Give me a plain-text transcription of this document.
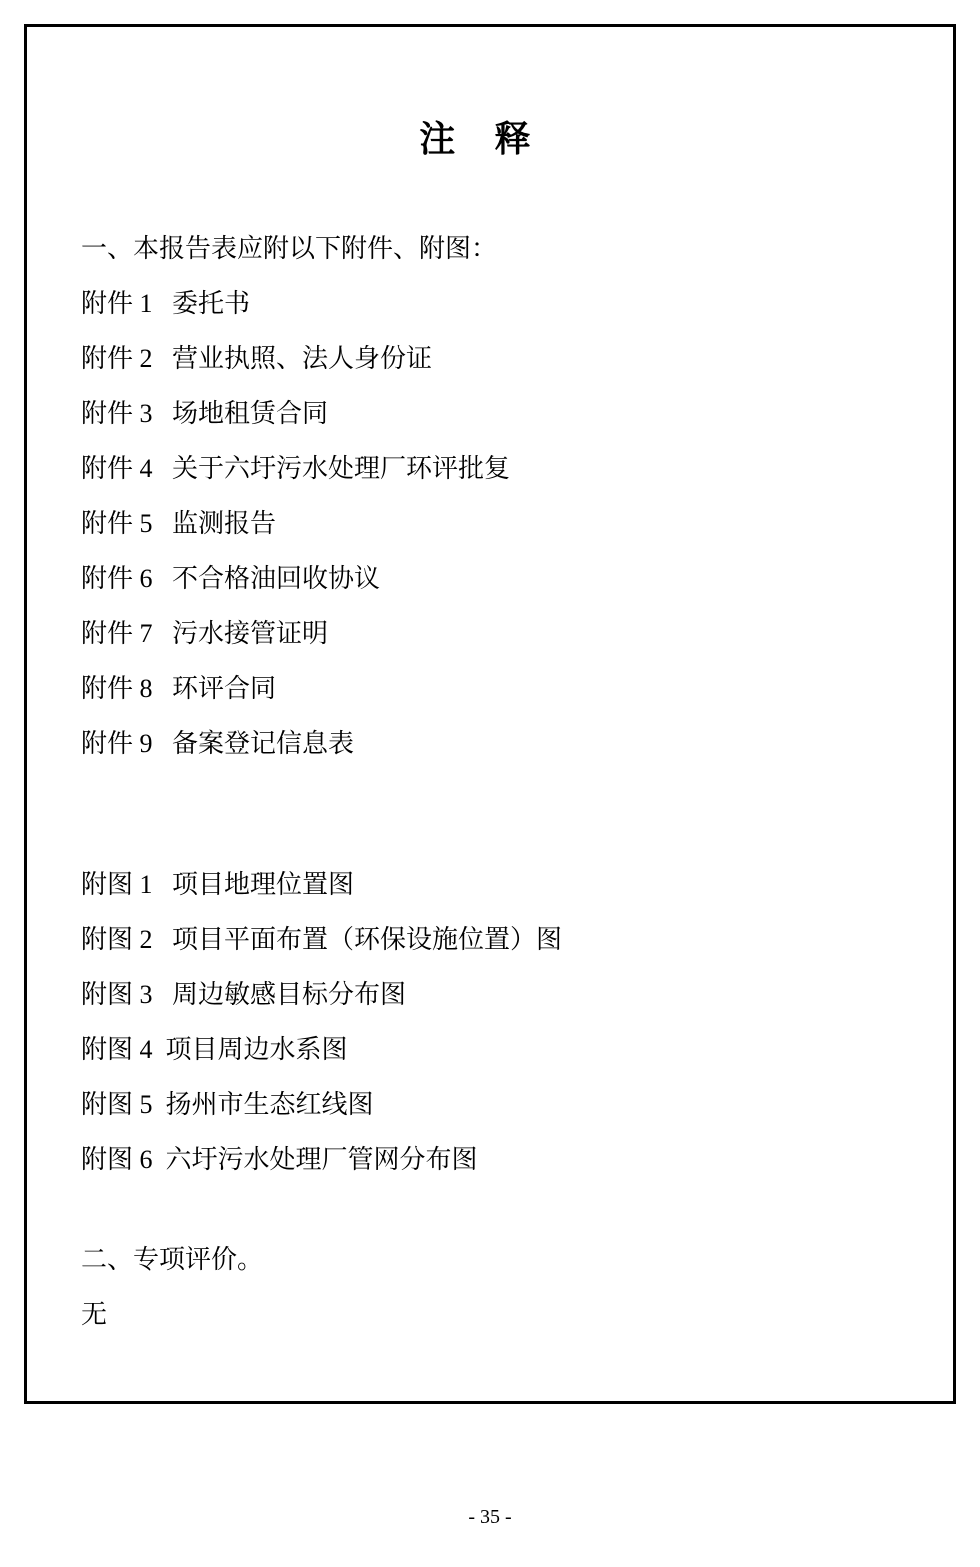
注 释
一、本报告表应附以下附件、附图：
附件 1   委托书
附件 2   营业执照、法人身份证
附件 3   场地租赁合同
附件 4   关于六圩污水处理厂环评批复
附件 5   监测报告
附件 6   不合格油回收协议
附件 7   污水接管证明
附件 8   环评合同
附件 9   备案登记信息表
附图 1   项目地理位置图
附图 2   项目平面布置（环保设施位置）图
附图 3   周边敏感目标分布图
附图 4  项目周边水系图
附图 5  扬州市生态红线图
附图 6  六圩污水处理厂管网分布图
二、专项评价。
无
- 35 -
